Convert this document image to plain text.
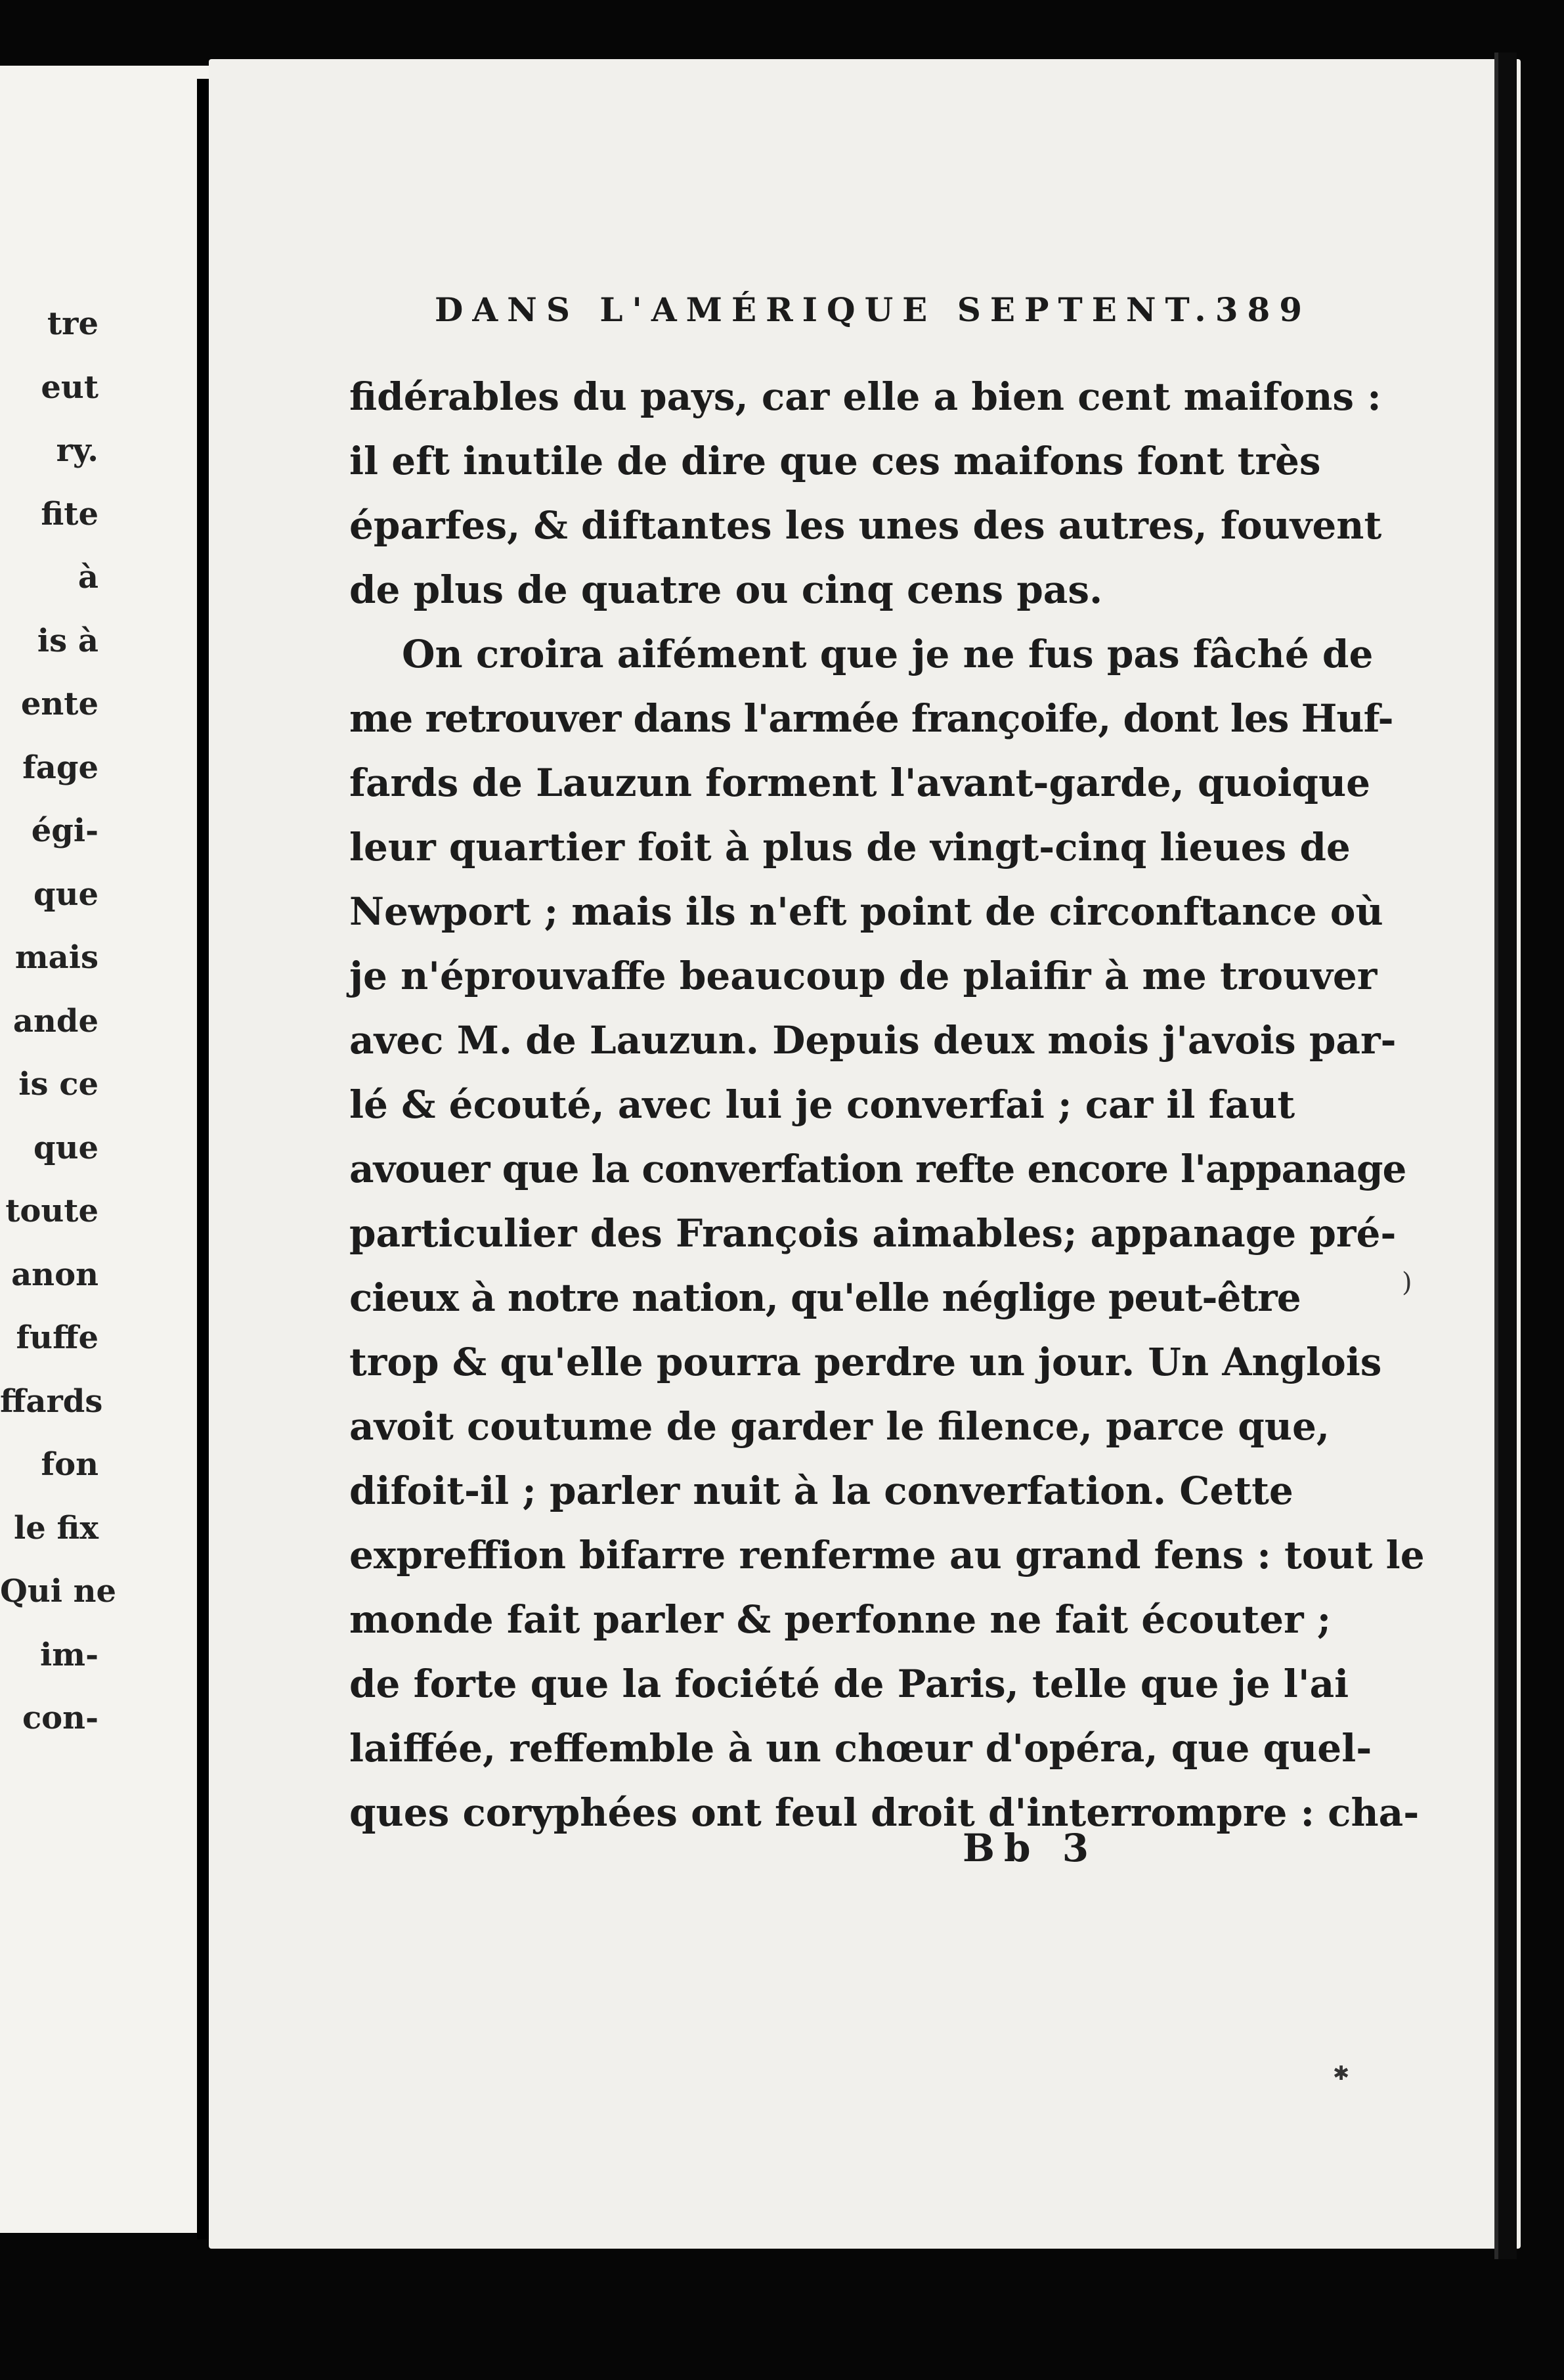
tre
eut
ry.
fite
à
is à
ente
fage
égi-
que
mais
ande
is ce
que
toute
anon
fuffe
ffards
fon
le fix
Qui ne
im-
con-
DANS L'AMÉRIQUE SEPTENT. 389
fidérables du pays, car elle a bien cent maifons :
il eft inutile de dire que ces maifons font très
éparfes, & diftantes les unes des autres, fouvent
de plus de quatre ou cinq cens pas.
On croira aifément que je ne fus pas fâché de
me retrouver dans l'armée françoife, dont les Huf-
fards de Lauzun forment l'avant-garde, quoique
leur quartier foit à plus de vingt-cinq lieues de
Newport ; mais ils n'eft point de circonftance où
je n'éprouvaffe beaucoup de plaifir à me trouver
avec M. de Lauzun. Depuis deux mois j'avois par-
lé & écouté, avec lui je converfai ; car il faut
avouer que la converfation refte encore l'appanage
particulier des François aimables; appanage pré-
cieux à notre nation, qu'elle néglige peut-être
trop & qu'elle pourra perdre un jour. Un Anglois
avoit coutume de garder le filence, parce que,
difoit-il ; parler nuit à la converfation. Cette
expreffion bifarre renferme au grand fens : tout le
monde fait parler & perfonne ne fait écouter ;
de forte que la fociété de Paris, telle que je l'ai
laiffée, reffemble à un chœur d'opéra, que quel-
ques coryphées ont feul droit d'interrompre : cha-
Bb 3
)
✱
